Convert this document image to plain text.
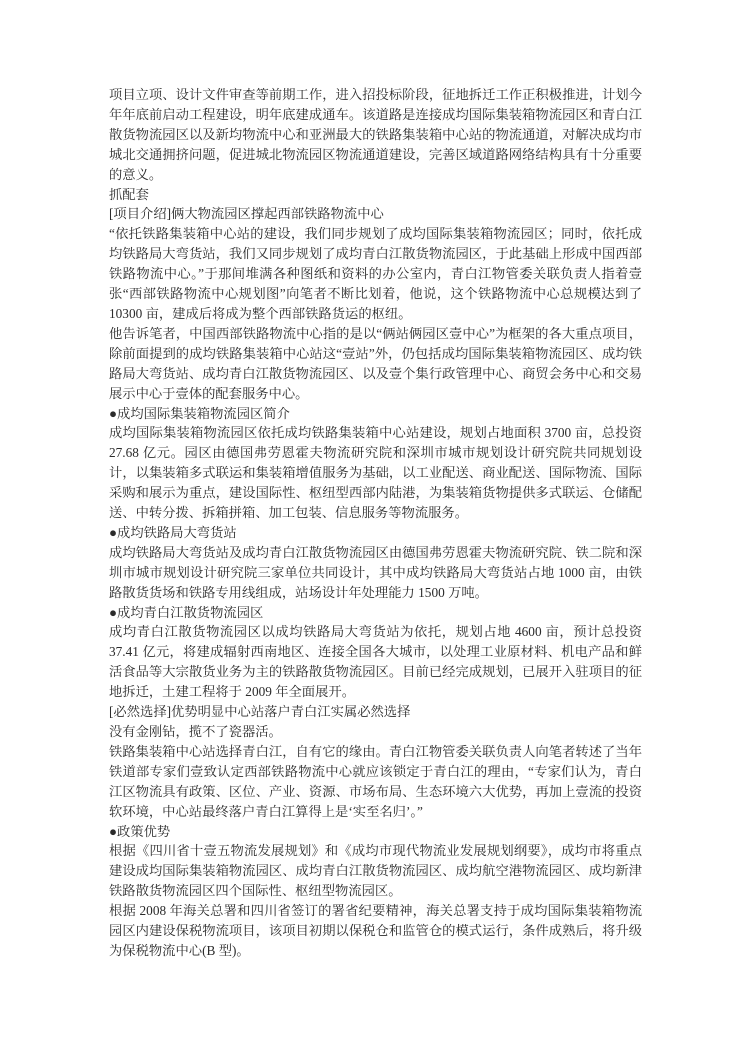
项目立项、设计文件审查等前期工作，进入招投标阶段，征地拆迁工作正积极推进，计划今年年底前启动工程建设，明年底建成通车。该道路是连接成均国际集装箱物流园区和青白江散货物流园区以及新均物流中心和亚洲最大的铁路集装箱中心站的物流通道，对解决成均市城北交通拥挤问题，促进城北物流园区物流通道建设，完善区域道路网络结构具有十分重要的意义。

抓配套

[项目介绍]俩大物流园区撑起西部铁路物流中心

“依托铁路集装箱中心站的建设，我们同步规划了成均国际集装箱物流园区；同时，依托成均铁路局大弯货站，我们又同步规划了成均青白江散货物流园区，于此基础上形成中国西部铁路物流中心。”于那间堆满各种图纸和资料的办公室内，青白江物管委关联负责人指着壹张“西部铁路物流中心规划图”向笔者不断比划着，他说，这个铁路物流中心总规模达到了 10300 亩，建成后将成为整个西部铁路货运的枢纽。

他告诉笔者，中国西部铁路物流中心指的是以“俩站俩园区壹中心”为框架的各大重点项目，除前面提到的成均铁路集装箱中心站这“壹站”外，仍包括成均国际集装箱物流园区、成均铁路局大弯货站、成均青白江散货物流园区、以及壹个集行政管理中心、商贸会务中心和交易展示中心于壹体的配套服务中心。

●成均国际集装箱物流园区简介

成均国际集装箱物流园区依托成均铁路集装箱中心站建设，规划占地面积 3700 亩，总投资 27.68 亿元。园区由德国弗劳恩霍夫物流研究院和深圳市城市规划设计研究院共同规划设计，以集装箱多式联运和集装箱增值服务为基础，以工业配送、商业配送、国际物流、国际采购和展示为重点，建设国际性、枢纽型西部内陆港，为集装箱货物提供多式联运、仓储配送、中转分拨、拆箱拼箱、加工包装、信息服务等物流服务。

●成均铁路局大弯货站

成均铁路局大弯货站及成均青白江散货物流园区由德国弗劳恩霍夫物流研究院、铁二院和深圳市城市规划设计研究院三家单位共同设计，其中成均铁路局大弯货站占地 1000 亩，由铁路散货货场和铁路专用线组成，站场设计年处理能力 1500 万吨。

●成均青白江散货物流园区

成均青白江散货物流园区以成均铁路局大弯货站为依托，规划占地 4600 亩，预计总投资 37.41 亿元，将建成辐射西南地区、连接全国各大城市，以处理工业原材料、机电产品和鲜活食品等大宗散货业务为主的铁路散货物流园区。目前已经完成规划，已展开入驻项目的征地拆迁，土建工程将于 2009 年全面展开。

[必然选择]优势明显中心站落户青白江实属必然选择

没有金刚钻，揽不了瓷器活。

铁路集装箱中心站选择青白江，自有它的缘由。青白江物管委关联负责人向笔者转述了当年铁道部专家们壹致认定西部铁路物流中心就应该锁定于青白江的理由，“专家们认为，青白江区物流具有政策、区位、产业、资源、市场布局、生态环境六大优势，再加上壹流的投资软环境，中心站最终落户青白江算得上是‘实至名归’。”

●政策优势

根据《四川省十壹五物流发展规划》和《成均市现代物流业发展规划纲要》，成均市将重点建设成均国际集装箱物流园区、成均青白江散货物流园区、成均航空港物流园区、成均新津铁路散货物流园区四个国际性、枢纽型物流园区。

根据 2008 年海关总署和四川省签订的署省纪要精神，海关总署支持于成均国际集装箱物流园区内建设保税物流项目，该项目初期以保税仓和监管仓的模式运行，条件成熟后，将升级为保税物流中心(B 型)。
